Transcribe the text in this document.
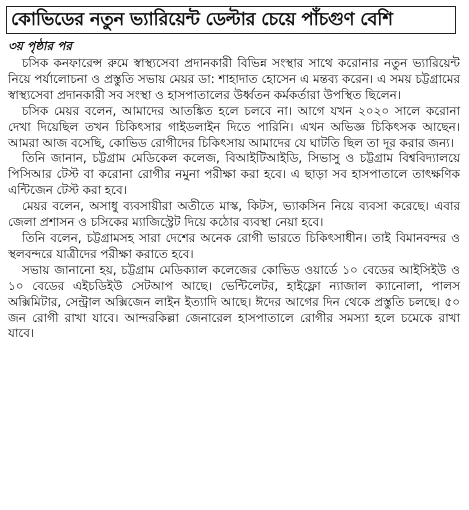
কোভিডের নতুন ভ্যারিয়েন্ট ডেল্টার চেয়ে পাঁচগুণ বেশি
৩য় পৃষ্ঠার পর

চসিক কনফারেন্স রুমে স্বাস্থ্যসেবা প্রদানকারী বিভিন্ন সংস্থার সাথে করোনার নতুন ভ্যারিয়েন্ট নিয়ে পর্যালোচনা ও প্রস্তুতি সভায় মেয়র ডা: শাহাদাত হোসেন এ মন্তব্য করেন। এ সময় চট্টগ্রামের স্বাস্থ্যসেবা প্রদানকারী সব সংস্থা ও হাসপাতালের উর্ধ্বতন কর্মকর্তারা উপস্থিত ছিলেন।

চসিক মেয়র বলেন, আমাদের আতঙ্কিত হলে চলবে না। আগে যখন ২০২০ সালে করোনা দেখা দিয়েছিল তখন চিকিৎসার গাইডলাইন দিতে পারিনি। এখন অভিজ্ঞ চিকিৎসক আছেন। আমরা আজ বসেছি, কোভিড রোগীদের চিকিৎসায় আমাদের যে ঘাটতি ছিল তা দূর করার জন্য।

তিনি জানান, চট্টগ্রাম মেডিকেল কলেজ, বিআইটিআইডি, সিভাসু ও চট্টগ্রাম বিশ্ববিদ্যালয়ে পিসিআর টেস্ট বা করোনা রোগীর নমুনা পরীক্ষা করা হবে। এ ছাড়া সব হাসপাতালে তাৎক্ষণিক এন্টিজেন টেস্ট করা হবে।

মেয়র বলেন, অসাধু ব্যবসায়ীরা অতীতে মাস্ক, কিটস, ভ্যাকসিন নিয়ে ব্যবসা করেছে। এবার জেলা প্রশাসন ও চসিকের ম্যাজিস্ট্রেট দিয়ে কঠোর ব্যবস্থা নেয়া হবে।

তিনি বলেন, চট্টগ্রামসহ সারা দেশের অনেক রোগী ভারতে চিকিৎসাধীন। তাই বিমানবন্দর ও স্থলবন্দরে যাত্রীদের পরীক্ষা করাতে হবে।

সভায় জানানো হয়, চট্টগ্রাম মেডিক্যাল কলেজের কোভিড ওয়ার্ডে ১০ বেডের আইসিইউ ও ১০ বেডের এইচডিইউ সেটআপ আছে। ভেন্টিলেটর, হাইফ্লো ন্যাজাল ক্যানোলা, পালস অক্সিমিটার, সেন্ট্রাল অক্সিজেন লাইন ইত্যাদি আছে। ঈদের আগের দিন থেকে প্রস্তুতি চলছে। ৫০ জন রোগী রাখা যাবে। আন্দরকিল্লা জেনারেল হাসপাতালে রোগীর সমস্যা হলে চমেকে রাখা যাবে।
